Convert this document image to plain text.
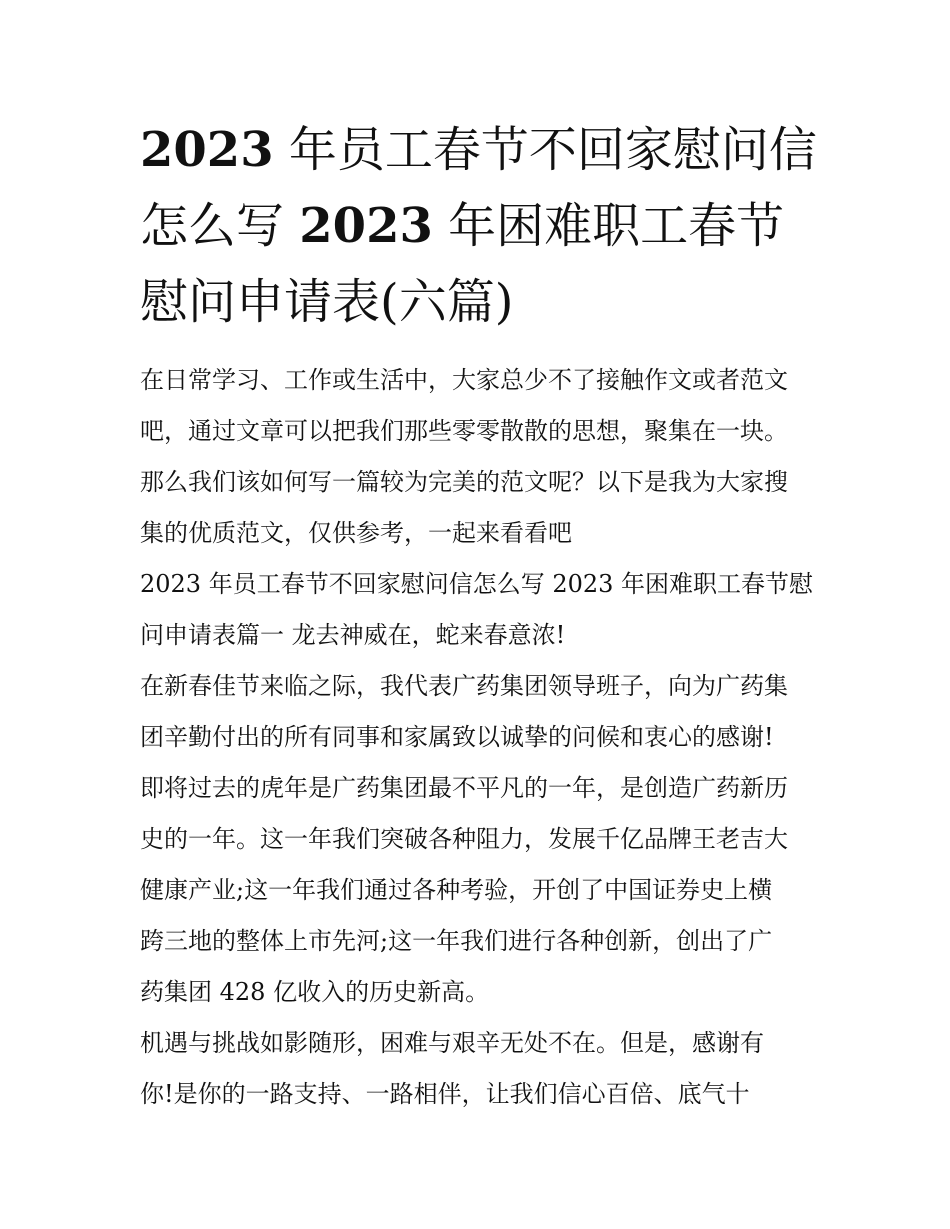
2023 年员工春节不回家慰问信
怎么写 2023 年困难职工春节
慰问申请表(六篇)

在日常学习、工作或生活中，大家总少不了接触作文或者范文
吧，通过文章可以把我们那些零零散散的思想，聚集在一块。
那么我们该如何写一篇较为完美的范文呢？以下是我为大家搜
集的优质范文，仅供参考，一起来看看吧

2023 年员工春节不回家慰问信怎么写 2023 年困难职工春节慰
问申请表篇一 龙去神威在，蛇来春意浓!

在新春佳节来临之际，我代表广药集团领导班子，向为广药集
团辛勤付出的所有同事和家属致以诚挚的问候和衷心的感谢!

即将过去的虎年是广药集团最不平凡的一年，是创造广药新历
史的一年。这一年我们突破各种阻力，发展千亿品牌王老吉大
健康产业;这一年我们通过各种考验，开创了中国证券史上横
跨三地的整体上市先河;这一年我们进行各种创新，创出了广
药集团 428 亿收入的历史新高。

机遇与挑战如影随形，困难与艰辛无处不在。但是，感谢有
你!是你的一路支持、一路相伴，让我们信心百倍、底气十
